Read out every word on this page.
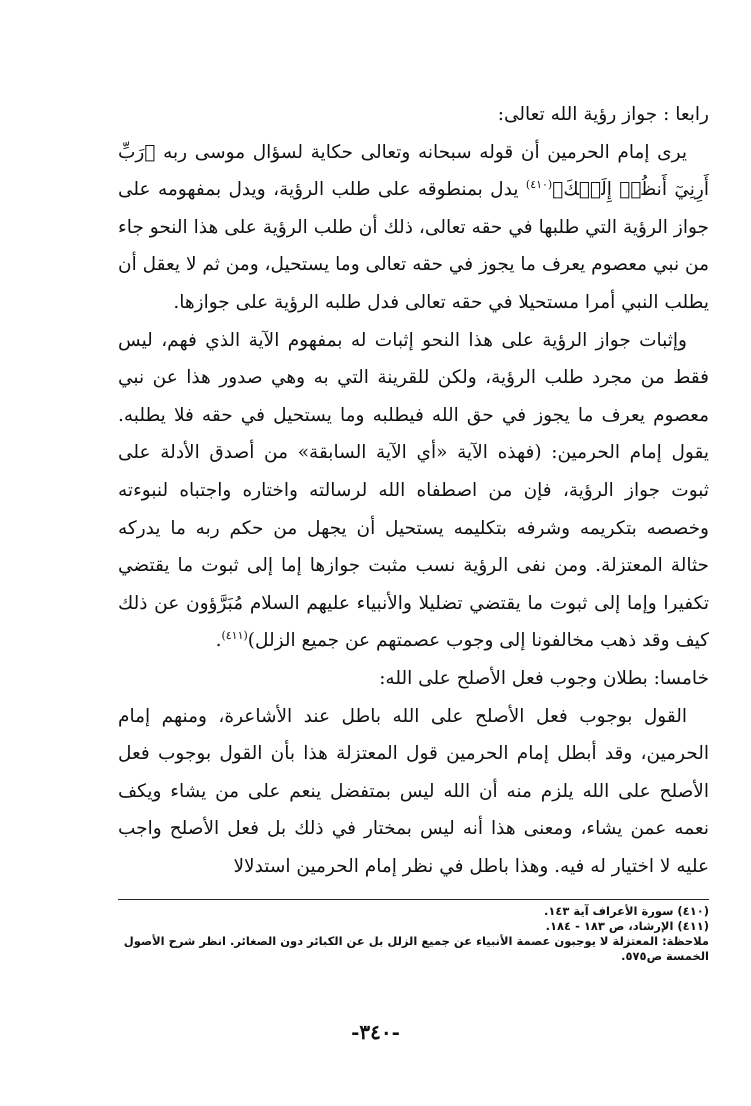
رابعا : جواز رؤية الله تعالى:

يرى إمام الحرمين أن قوله سبحانه وتعالى حكاية لسؤال موسى ربه ﴿رَبِّ أَرِنِيٓ أَنظُرۡ إِلَيۡكَ﴾$^{(٤١٠)}$ يدل بمنطوقه على طلب الرؤية، ويدل بمفهومه على جواز الرؤية التي طلبها في حقه تعالى، ذلك أن طلب الرؤية على هذا النحو جاء من نبي معصوم يعرف ما يجوز في حقه تعالى وما يستحيل، ومن ثم لا يعقل أن يطلب النبي أمرا مستحيلا في حقه تعالى فدل طلبه الرؤية على جوازها.

وإثبات جواز الرؤية على هذا النحو إثبات له بمفهوم الآية الذي فهم، ليس فقط من مجرد طلب الرؤية، ولكن للقرينة التي به وهي صدور هذا عن نبي معصوم يعرف ما يجوز في حق الله فيطلبه وما يستحيل في حقه فلا يطلبه. يقول إمام الحرمين: (فهذه الآية «أي الآية السابقة» من أصدق الأدلة على ثبوت جواز الرؤية، فإن من اصطفاه الله لرسالته واختاره واجتباه لنبوءته وخصصه بتكريمه وشرفه بتكليمه يستحيل أن يجهل من حكم ربه ما يدركه حثالة المعتزلة. ومن نفى الرؤية نسب مثبت جوازها إما إلى ثبوت ما يقتضي تكفيرا وإما إلى ثبوت ما يقتضي تضليلا والأنبياء عليهم السلام مُبَرَّؤون عن ذلك كيف وقد ذهب مخالفونا إلى وجوب عصمتهم عن جميع الزلل)$^{(٤١١)}$.

خامسا: بطلان وجوب فعل الأصلح على الله:

القول بوجوب فعل الأصلح على الله باطل عند الأشاعرة، ومنهم إمام الحرمين، وقد أبطل إمام الحرمين قول المعتزلة هذا بأن القول بوجوب فعل الأصلح على الله يلزم منه أن الله ليس بمتفضل ينعم على من يشاء ويكف نعمه عمن يشاء، ومعنى هذا أنه ليس بمختار في ذلك بل فعل الأصلح واجب عليه لا اختيار له فيه. وهذا باطل في نظر إمام الحرمين استدلالا

(٤١٠) سورة الأعراف آية ١٤٣.

(٤١١) الإرشاد، ص ١٨٣ - ١٨٤.

ملاحظة: المعتزلة لا يوجبون عصمة الأنبياء عن جميع الزلل بل عن الكبائر دون الصغائر. انظر شرح الأصول الخمسة ص٥٧٥.

-٣٤٠-
